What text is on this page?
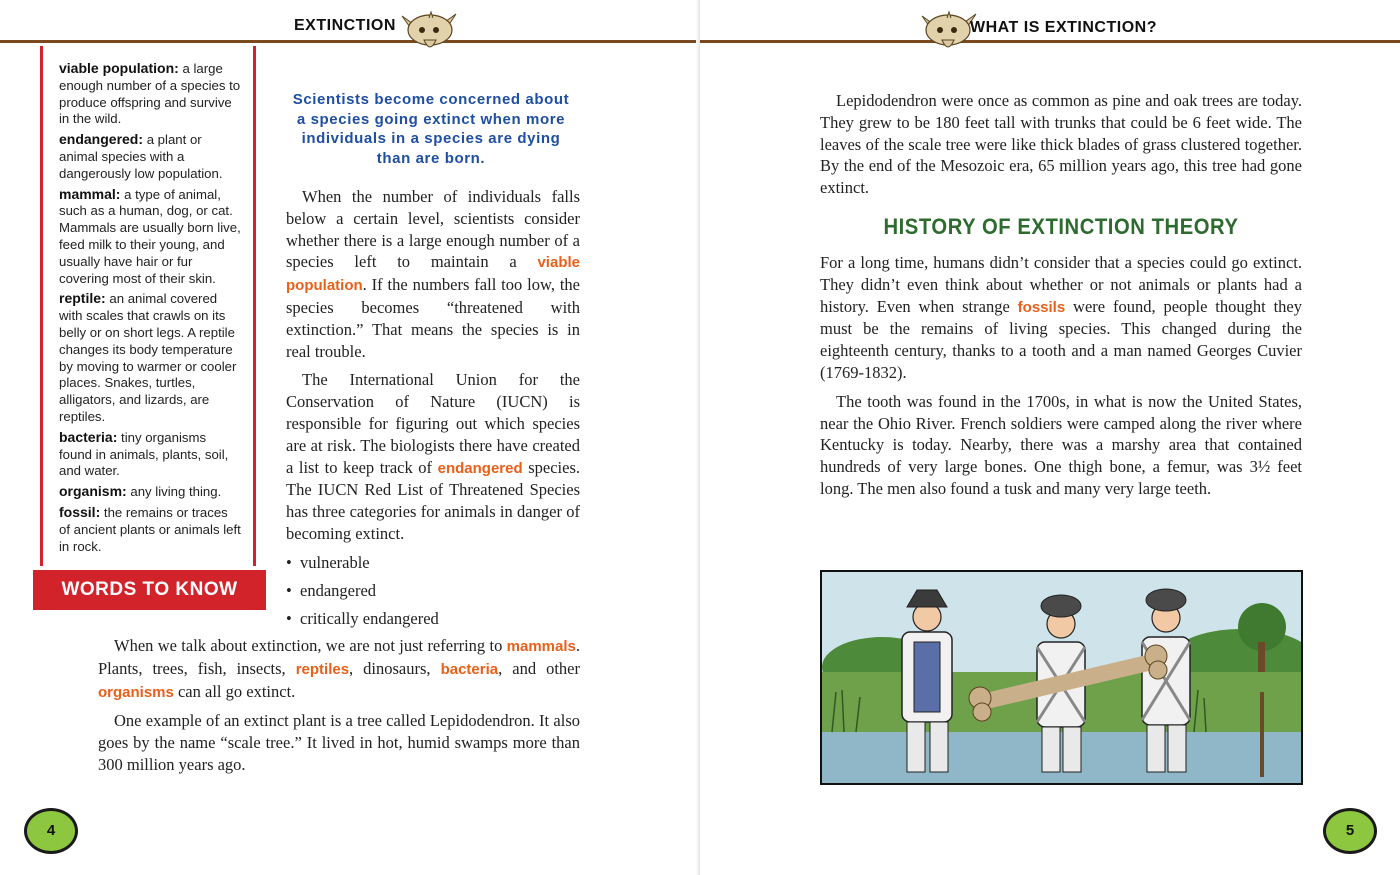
EXTINCTION
viable population: a large enough number of a species to produce offspring and survive in the wild.
endangered: a plant or animal species with a dangerously low population.
mammal: a type of animal, such as a human, dog, or cat. Mammals are usually born live, feed milk to their young, and usually have hair or fur covering most of their skin.
reptile: an animal covered with scales that crawls on its belly or on short legs. A reptile changes its body temperature by moving to warmer or cooler places. Snakes, turtles, alligators, and lizards, are reptiles.
bacteria: tiny organisms found in animals, plants, soil, and water.
organism: any living thing.
fossil: the remains or traces of ancient plants or animals left in rock.
WORDS TO KNOW
Scientists become concerned about a species going extinct when more individuals in a species are dying than are born.

When the number of individuals falls below a certain level, scientists consider whether there is a large enough number of a species left to maintain a viable population. If the numbers fall too low, the species becomes “threatened with extinction.” That means the species is in real trouble.

The International Union for the Conservation of Nature (IUCN) is responsible for figuring out which species are at risk. The biologists there have created a list to keep track of endangered species. The IUCN Red List of Threatened Species has three categories for animals in danger of becoming extinct.

• vulnerable
• endangered
• critically endangered

When we talk about extinction, we are not just referring to mammals. Plants, trees, fish, insects, reptiles, dinosaurs, bacteria, and other organisms can all go extinct.

One example of an extinct plant is a tree called Lepidodendron. It also goes by the name “scale tree.” It lived in hot, humid swamps more than 300 million years ago.

4
WHAT IS EXTINCTION?

Lepidodendron were once as common as pine and oak trees are today. They grew to be 180 feet tall with trunks that could be 6 feet wide. The leaves of the scale tree were like thick blades of grass clustered together. By the end of the Mesozoic era, 65 million years ago, this tree had gone extinct.

HISTORY OF EXTINCTION THEORY

For a long time, humans didn’t consider that a species could go extinct. They didn’t even think about whether or not animals or plants had a history. Even when strange fossils were found, people thought they must be the remains of living species. This changed during the eighteenth century, thanks to a tooth and a man named Georges Cuvier (1769-1832).

The tooth was found in the 1700s, in what is now the United States, near the Ohio River. French soldiers were camped along the river where Kentucky is today. Nearby, there was a marshy area that contained hundreds of very large bones. One thigh bone, a femur, was 3½ feet long. The men also found a tusk and many very large teeth.

5
